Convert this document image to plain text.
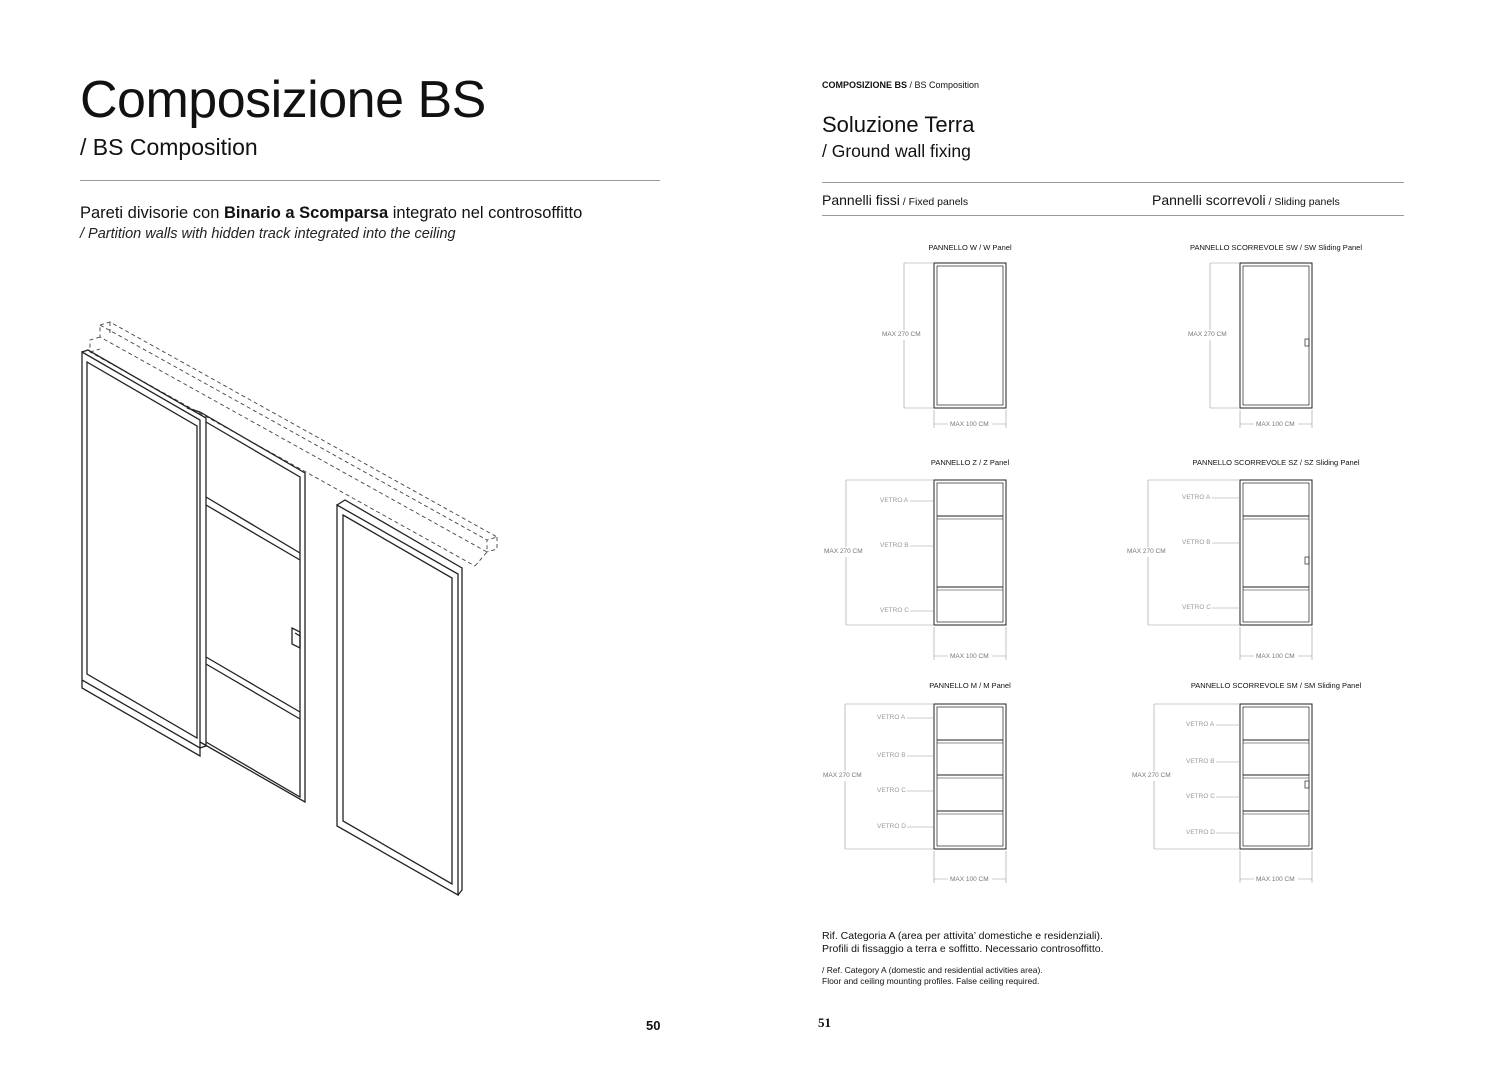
Composizione BS
/ BS Composition
Pareti divisorie con Binario a Scomparsa integrato nel controsoffitto
/ Partition walls with hidden track integrated into the ceiling
50
COMPOSIZIONE BS / BS Composition
Soluzione Terra
/ Ground wall fixing
Pannelli fissi / Fixed panels	Pannelli scorrevoli / Sliding panels
PANNELLO W / W Panel	PANNELLO SCORREVOLE SW / SW Sliding Panel
PANNELLO Z / Z Panel	PANNELLO SCORREVOLE SZ / SZ Sliding Panel
PANNELLO M / M Panel	PANNELLO SCORREVOLE SM / SM Sliding Panel
MAX 270 CM	MAX 270 CM
MAX 270 CM	MAX 270 CM
MAX 270 CM	MAX 270 CM
MAX 100 CM	MAX 100 CM
MAX 100 CM	MAX 100 CM
MAX 100 CM	MAX 100 CM
VETRO A
VETRO B
VETRO C
VETRO A
VETRO B
VETRO C
VETRO A
VETRO B
VETRO C
VETRO D
VETRO A
VETRO B
VETRO C
VETRO D
Rif. Categoria A (area per attivita’ domestiche e residenziali).
Profili di fissaggio a terra e soffitto. Necessario controsoffitto.
/ Ref. Category A (domestic and residential activities area).
Floor and ceiling mounting profiles. False ceiling required.
51
